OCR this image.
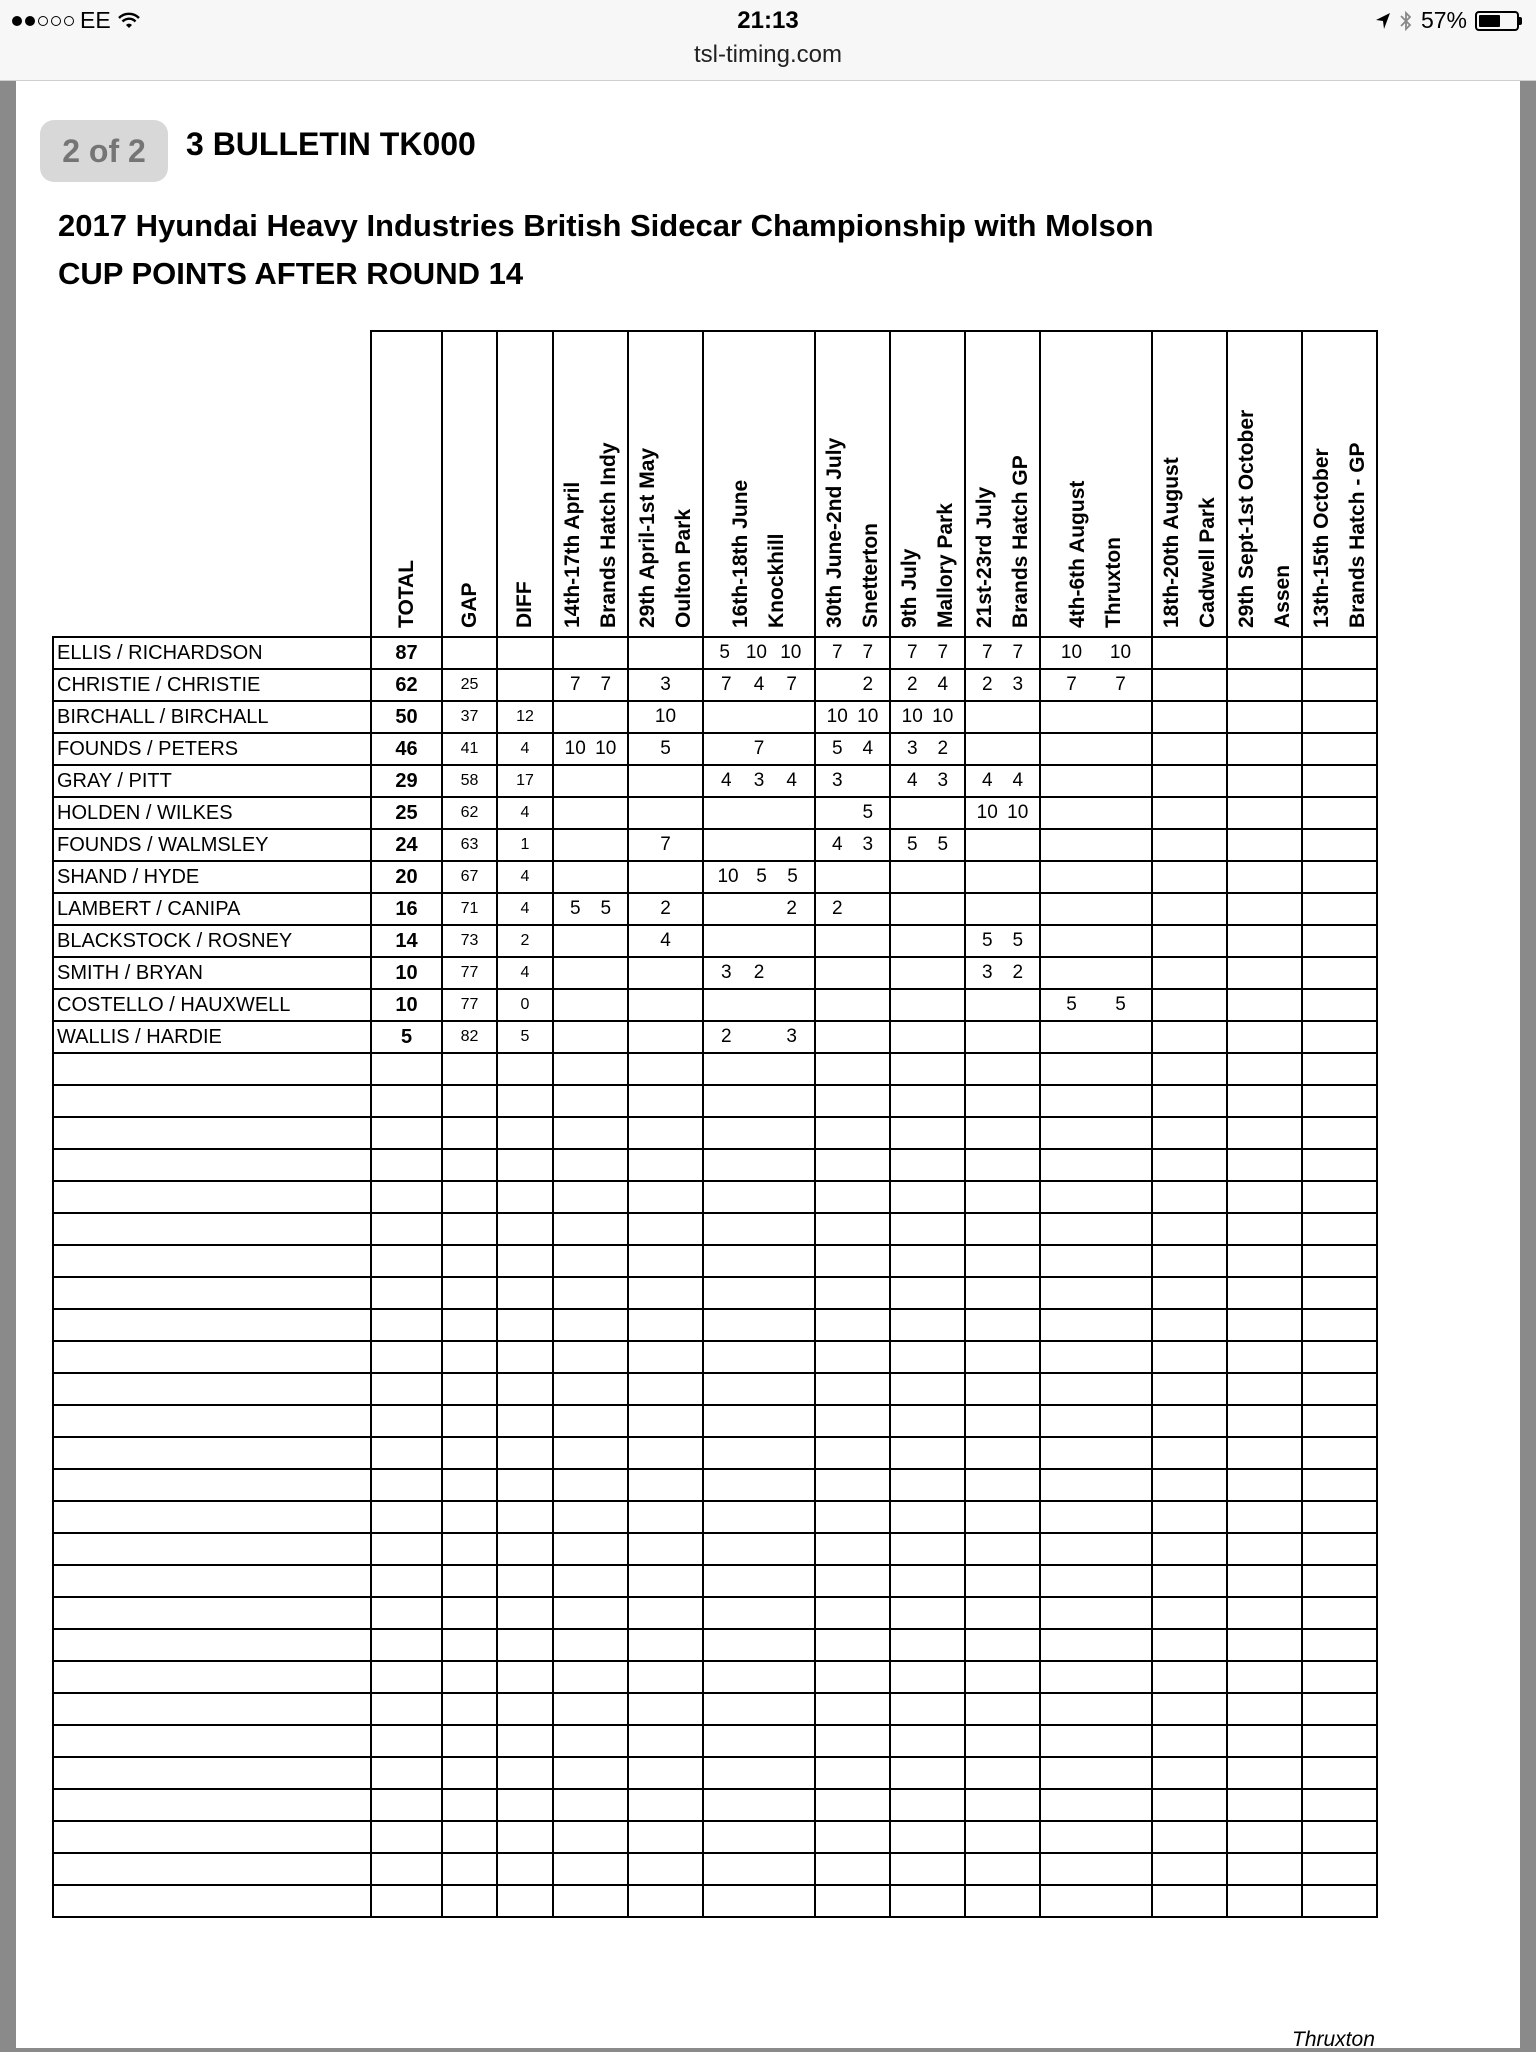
EE	21:13	57%
tsl-timing.com
2 of 2	3 BULLETIN TK000
2017 Hyundai Heavy Industries British Sidecar Championship with Molson
CUP POINTS AFTER ROUND 14

	TOTAL	GAP	DIFF	14th-17th April Brands Hatch Indy	29th April-1st May Oulton Park	16th-18th June Knockhill	30th June-2nd July Snetterton	9th July Mallory Park	21st-23rd July Brands Hatch GP	4th-6th August Thruxton	18th-20th August Cadwell Park	29th Sept-1st October Assen	13th-15th October Brands Hatch - GP

ELLIS / RICHARDSON	87					5 10 10	7 7	7 7	7 7	10 10			

CHRISTIE / CHRISTIE	62	25		7 7	3	7 4 7	2	2 4	2 3	7 7			

BIRCHALL / BIRCHALL	50	37	12		10		10 10	10 10					

FOUNDS / PETERS	46	41	4	10 10	5	7	5 4	3 2					

GRAY / PITT	29	58	17			4 3 4	3	4 3	4 4				

HOLDEN / WILKES	25	62	4				5		10 10				

FOUNDS / WALMSLEY	24	63	1		7		4 3	5 5					

SHAND / HYDE	20	67	4			10 5 5							

LAMBERT / CANIPA	16	71	4	5 5	2	2	2						

BLACKSTOCK / ROSNEY	14	73	2		4				5 5				

SMITH / BRYAN	10	77	4			3 2			3 2				

COSTELLO / HAUXWELL	10	77	0							5 5			

WALLIS / HARDIE	5	82	5			2 3							

Thruxton
